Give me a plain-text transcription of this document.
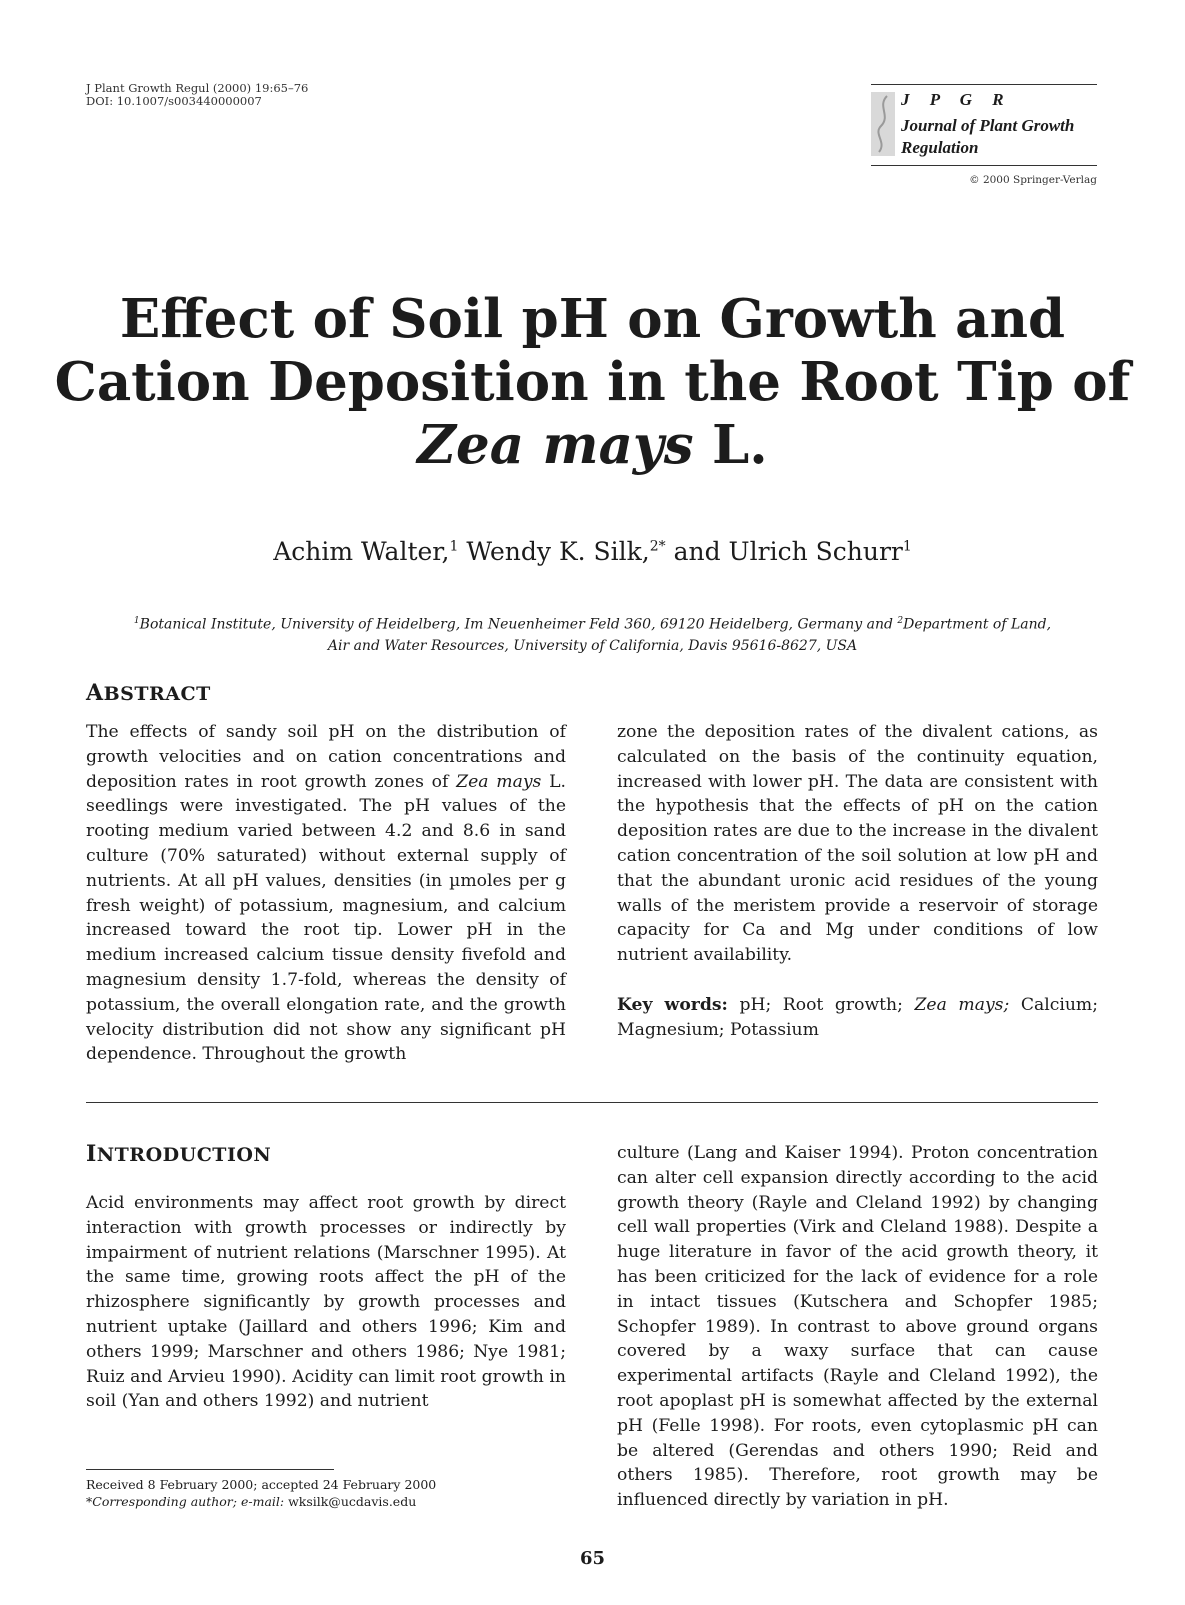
J Plant Growth Regul (2000) 19:65–76
DOI: 10.1007/s003440000007	J P G R
Journal of Plant Growth
Regulation
© 2000 Springer-Verlag
Effect of Soil pH on Growth and
Cation Deposition in the Root Tip of
Zea mays L.
Achim Walter,$^1$ Wendy K. Silk,$^{2*}$ and Ulrich Schurr$^1$
$^1$Botanical Institute, University of Heidelberg, Im Neuenheimer Feld 360, 69120 Heidelberg, Germany and $^2$Department of Land,
Air and Water Resources, University of California, Davis 95616-8627, USA
ABSTRACT
The effects of sandy soil pH on the distribution of growth velocities and on cation concentrations and deposition rates in root growth zones of Zea mays L. seedlings were investigated. The pH values of the rooting medium varied between 4.2 and 8.6 in sand culture (70% saturated) without external supply of nutrients. At all pH values, densities (in µmoles per g fresh weight) of potassium, magnesium, and calcium increased toward the root tip. Lower pH in the medium increased calcium tissue density fivefold and magnesium density 1.7-fold, whereas the density of potassium, the overall elongation rate, and the growth velocity distribution did not show any significant pH dependence. Throughout the growth
zone the deposition rates of the divalent cations, as calculated on the basis of the continuity equation, increased with lower pH. The data are consistent with the hypothesis that the effects of pH on the cation deposition rates are due to the increase in the divalent cation concentration of the soil solution at low pH and that the abundant uronic acid residues of the young walls of the meristem provide a reservoir of storage capacity for Ca and Mg under conditions of low nutrient availability.
Key words: pH; Root growth; Zea mays; Calcium; Magnesium; Potassium
INTRODUCTION
Acid environments may affect root growth by direct interaction with growth processes or indirectly by impairment of nutrient relations (Marschner 1995). At the same time, growing roots affect the pH of the rhizosphere significantly by growth processes and nutrient uptake (Jaillard and others 1996; Kim and others 1999; Marschner and others 1986; Nye 1981; Ruiz and Arvieu 1990). Acidity can limit root growth in soil (Yan and others 1992) and nutrient
culture (Lang and Kaiser 1994). Proton concentration can alter cell expansion directly according to the acid growth theory (Rayle and Cleland 1992) by changing cell wall properties (Virk and Cleland 1988). Despite a huge literature in favor of the acid growth theory, it has been criticized for the lack of evidence for a role in intact tissues (Kutschera and Schopfer 1985; Schopfer 1989). In contrast to above ground organs covered by a waxy surface that can cause experimental artifacts (Rayle and Cleland 1992), the root apoplast pH is somewhat affected by the external pH (Felle 1998). For roots, even cytoplasmic pH can be altered (Gerendas and others 1990; Reid and others 1985). Therefore, root growth may be influenced directly by variation in pH.
Received 8 February 2000; accepted 24 February 2000
*Corresponding author; e-mail: wksilk@ucdavis.edu
65
